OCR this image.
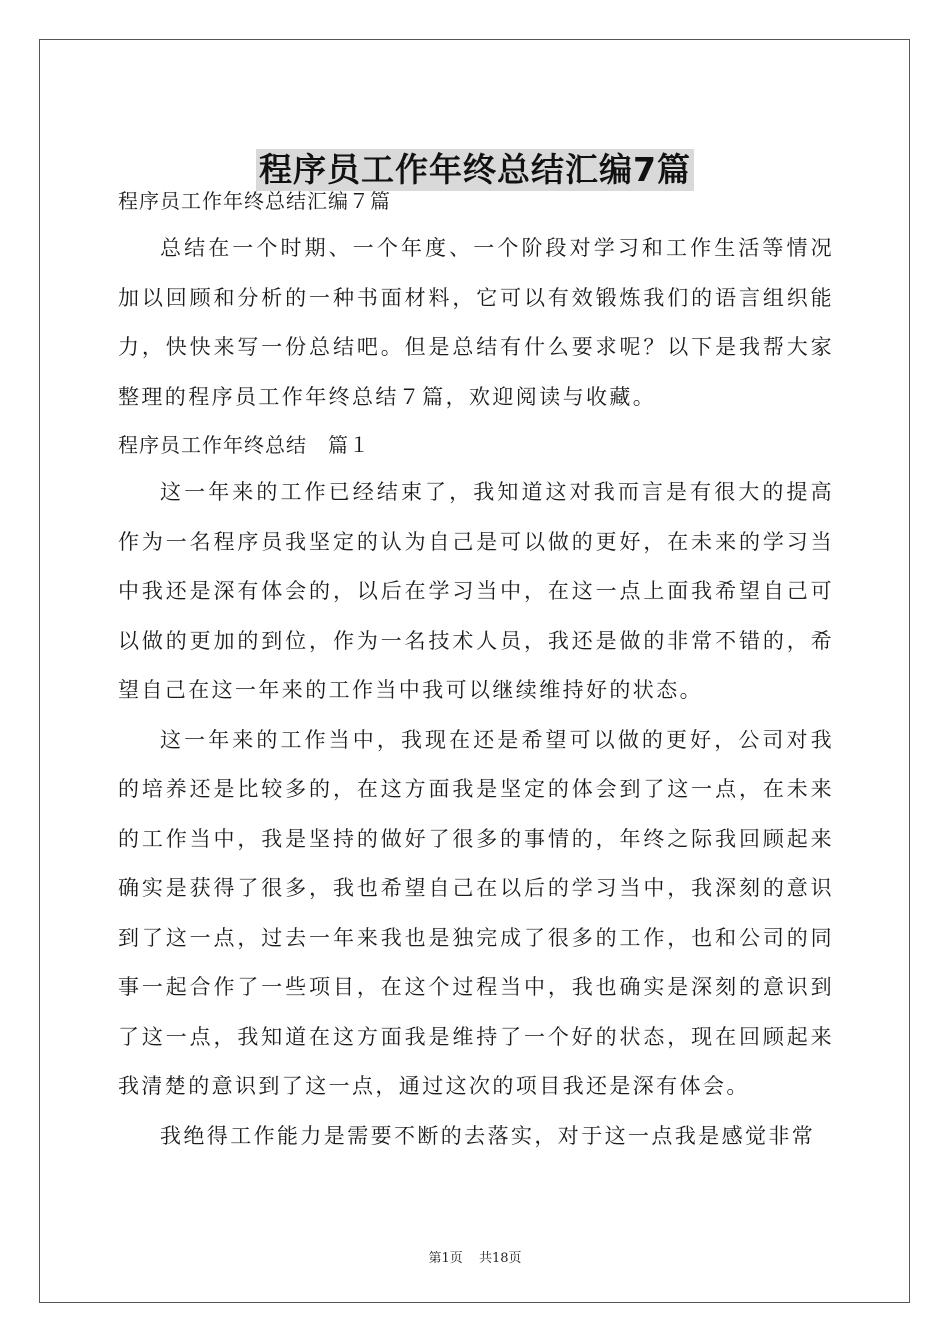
程序员工作年终总结汇编7篇

程序员工作年终总结汇编７篇

总结在一个时期、一个年度、一个阶段对学习和工作生活等情况加以回顾和分析的一种书面材料，它可以有效锻炼我们的语言组织能力，快快来写一份总结吧。但是总结有什么要求呢？以下是我帮大家整理的程序员工作年终总结７篇，欢迎阅读与收藏。

程序员工作年终总结　篇１

这一年来的工作已经结束了，我知道这对我而言是有很大的提高作为一名程序员我坚定的认为自己是可以做的更好，在未来的学习当中我还是深有体会的，以后在学习当中，在这一点上面我希望自己可以做的更加的到位，作为一名技术人员，我还是做的非常不错的，希望自己在这一年来的工作当中我可以继续维持好的状态。

这一年来的工作当中，我现在还是希望可以做的更好，公司对我的培养还是比较多的，在这方面我是坚定的体会到了这一点，在未来的工作当中，我是坚持的做好了很多的事情的，年终之际我回顾起来确实是获得了很多，我也希望自己在以后的学习当中，我深刻的意识到了这一点，过去一年来我也是独完成了很多的工作，也和公司的同事一起合作了一些项目，在这个过程当中，我也确实是深刻的意识到了这一点，我知道在这方面我是维持了一个好的状态，现在回顾起来我清楚的意识到了这一点，通过这次的项目我还是深有体会。

我绝得工作能力是需要不断的去落实，对于这一点我是感觉非常

第1页 共18页
